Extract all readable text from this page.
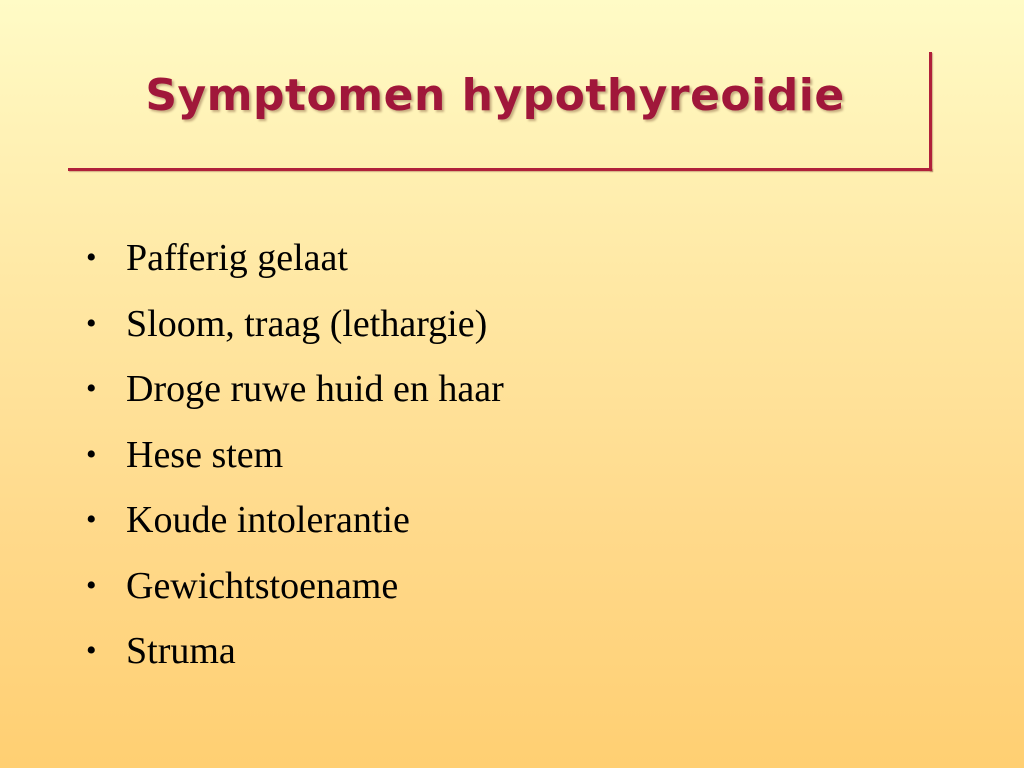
Symptomen hypothyreoidie
• Pafferig gelaat
• Sloom, traag (lethargie)
• Droge ruwe huid en haar
• Hese stem
• Koude intolerantie
• Gewichtstoename
• Struma
